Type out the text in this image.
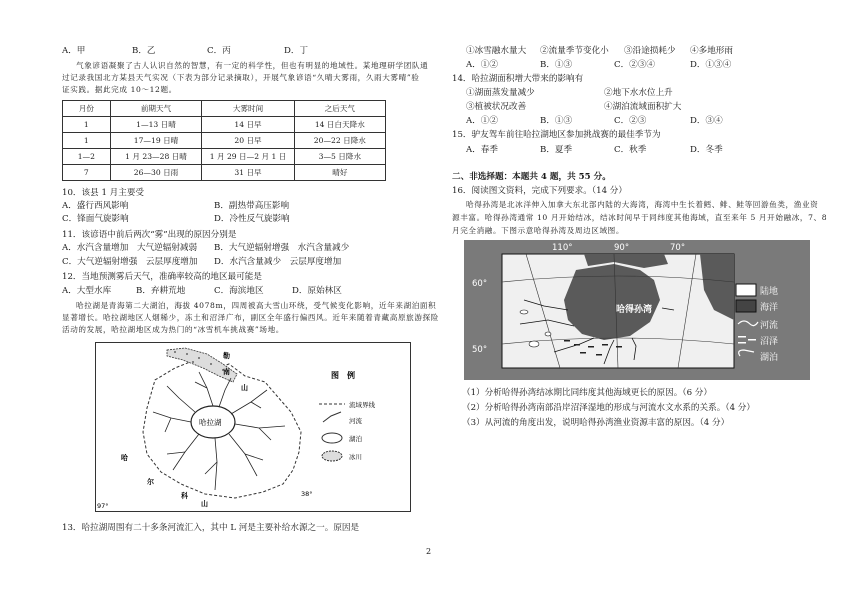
A．甲	B．乙	C．丙	D．丁
气象谚语凝聚了古人认识自然的智慧，有一定的科学性，但也有明显的地域性。某地理研学团队通
过记录我国北方某县天气实况（下表为部分记录摘取），开展气象谚语“久晴大雾雨，久雨大雾晴”验
证实践。据此完成 10～12题。
月份	前期天气	大雾时间	之后天气
1	1—13 日晴	14 日早	14 日白天降水
1	17—19 日晴	20 日早	20—22 日降水
1—2	1 月 23—28 日晴	1 月 29 日—2 月 1 日	3—5 日降水
7	26—30 日雨	31 日早	晴好
10．该县 1 月主要受
A．盛行西风影响	B．副热带高压影响
C．锋面气旋影响	D．冷性反气旋影响
11．该谚语中前后两次“雾”出现的原因分别是
A．水汽含量增加　大气逆辐射减弱 B．大气逆辐射增强　水汽含量减少
C．大气逆辐射增强　云层厚度增加 D．水汽含量减少　云层厚度增加
12．当地预测雾后天气，准确率较高的地区最可能是
A．大型水库	B．弃耕荒地	C．海滨地区	D．原始林区
哈拉湖是青海第二大湖泊，海拔 4078m，四周被高大雪山环绕，受气候变化影响，近年来湖泊面积
显著增长。哈拉湖地区人烟稀少，冻土和沼泽广布，副区全年盛行偏西风。近年来随着青藏高原旅游探险
活动的发展，哈拉湖地区成为热门的“冰雪机车挑战赛”场地。
哈拉湖
勒
南
山
哈
尔
科
山
97°
38°
图　例
流域界线
河流
湖泊
冰川
13．哈拉湖周围有二十多条河流汇入，其中 L 河是主要补给水源之一。原因是
①冰雪融水量大 ②流量季节变化小 ③沿途损耗少 ④多地形雨
A．①②	B．①③	C．②③④	D．①③④
14．哈拉湖面积增大带来的影响有
①湖面蒸发量减少	②地下水水位上升
③植被状况改善	④湖泊流域面积扩大
A．①②	B．①③	C．②③	D．③④
15．驴友驾车前往哈拉湖地区参加挑战赛的最佳季节为
A．春季	B．夏季	C．秋季	D．冬季
二、非选择题：本题共 4 题，共 55 分。
16．阅读图文资料，完成下列要求。（14 分）
哈得孙湾是北冰洋伸入加拿大东北部内陆的大海湾，海湾中生长着鳕、鲱、鲑等回游鱼类，渔业资
源丰富。哈得孙湾通常 10 月开始结冰，结冰时间早于同纬度其他海域，直至来年 5 月开始融冰，7、8
月完全消融。下图示意哈得孙湾及周边区域图。
哈得孙湾
110°	90°	70°
60°
50°
陆地
海洋
河流
沼泽
湖泊
（1）分析哈得孙湾结冰期比同纬度其他海域更长的原因。（6 分）
（2）分析哈得孙湾南部沿岸沼泽湿地的形成与河流水文水系的关系。（4 分）
（3）从河流的角度出发，说明哈得孙湾渔业资源丰富的原因。（4 分）
2
